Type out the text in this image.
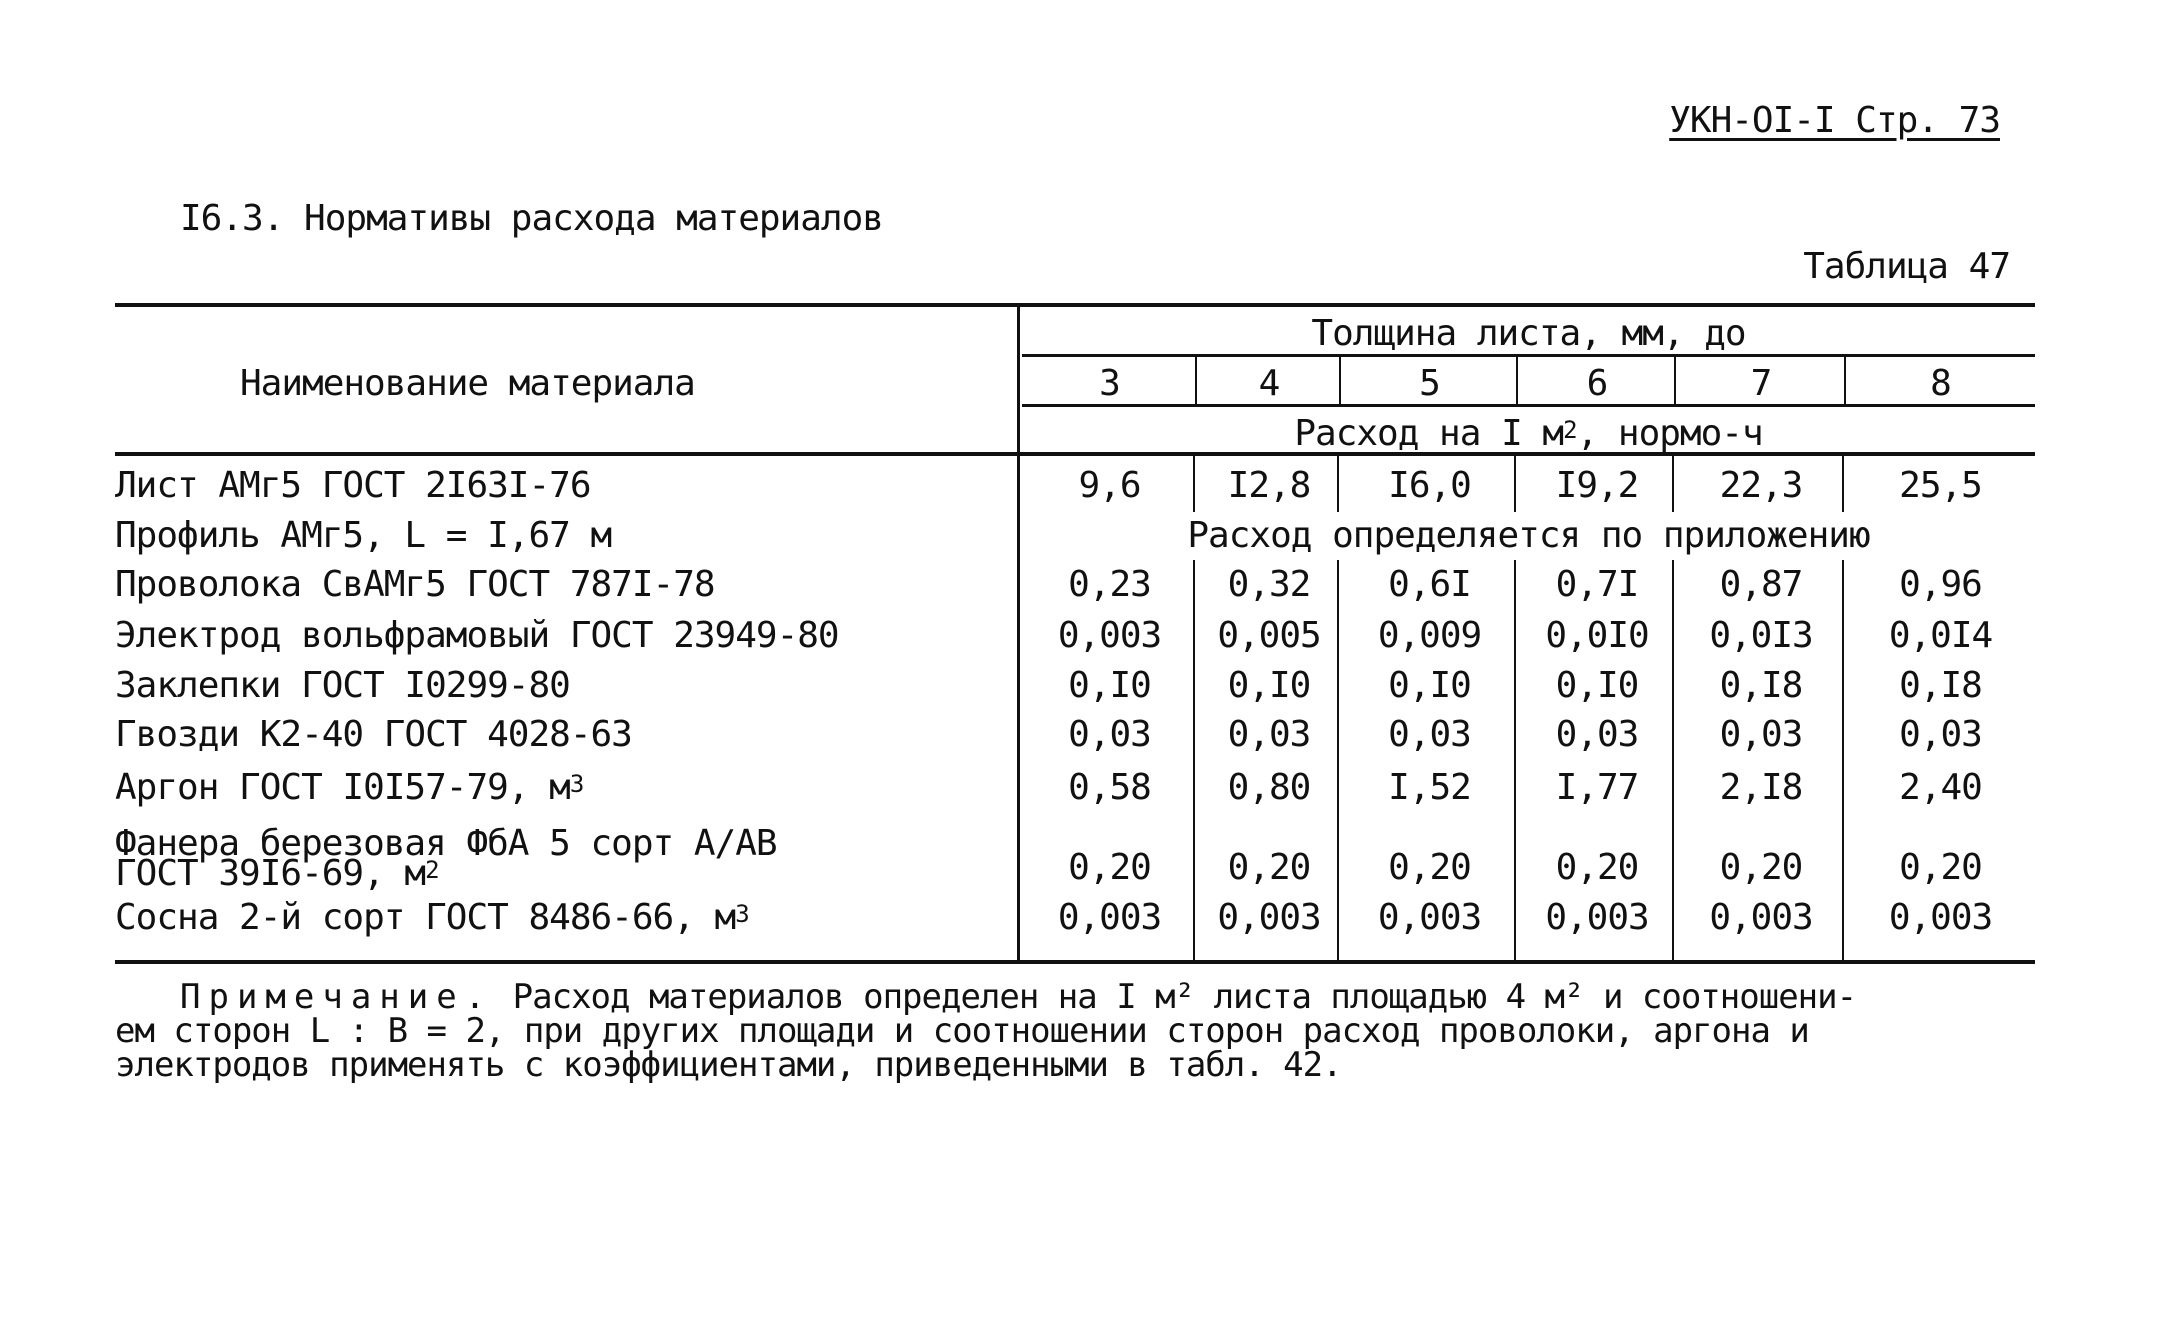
УКН-ОI-I Стр. 73
I6.3. Нормативы расхода материалов
Таблица 47
Наименование материала
Толщина листа, мм, до
3	4	5	6	7	8
Расход на I $м^2$, нормо-ч
Лист АМг5 ГОСТ 2I63I-76	9,6	I2,8	I6,0	I9,2	22,3	25,5
Профиль АМг5, L = I,67 м	Расход определяется по приложению
Проволока СвАМг5 ГОСТ 787I-78	0,23	0,32	0,6I	0,7I	0,87	0,96
Электрод вольфрамовый ГОСТ 23949-80	0,003	0,005	0,009	0,0I0	0,0I3	0,0I4
Заклепки ГОСТ I0299-80	0,I0	0,I0	0,I0	0,I0	0,I8	0,I8
Гвозди К2-40 ГОСТ 4028-63	0,03	0,03	0,03	0,03	0,03	0,03
Аргон ГОСТ I0I57-79, $м^3$	0,58	0,80	I,52	I,77	2,I8	2,40
Фанера березовая ФбА 5 сорт А/АВ
ГОСТ 39I6-69, $м^2$	0,20	0,20	0,20	0,20	0,20	0,20
Сосна 2-й сорт ГОСТ 8486-66, $м^3$	0,003	0,003	0,003	0,003	0,003	0,003

Примечание. Расход материалов определен на I м² листа площадью 4 м² и соотношени-

ем сторон L : В = 2, при других площади и соотношении сторон расход проволоки, аргона и

электродов применять с коэффициентами, приведенными в табл. 42.
